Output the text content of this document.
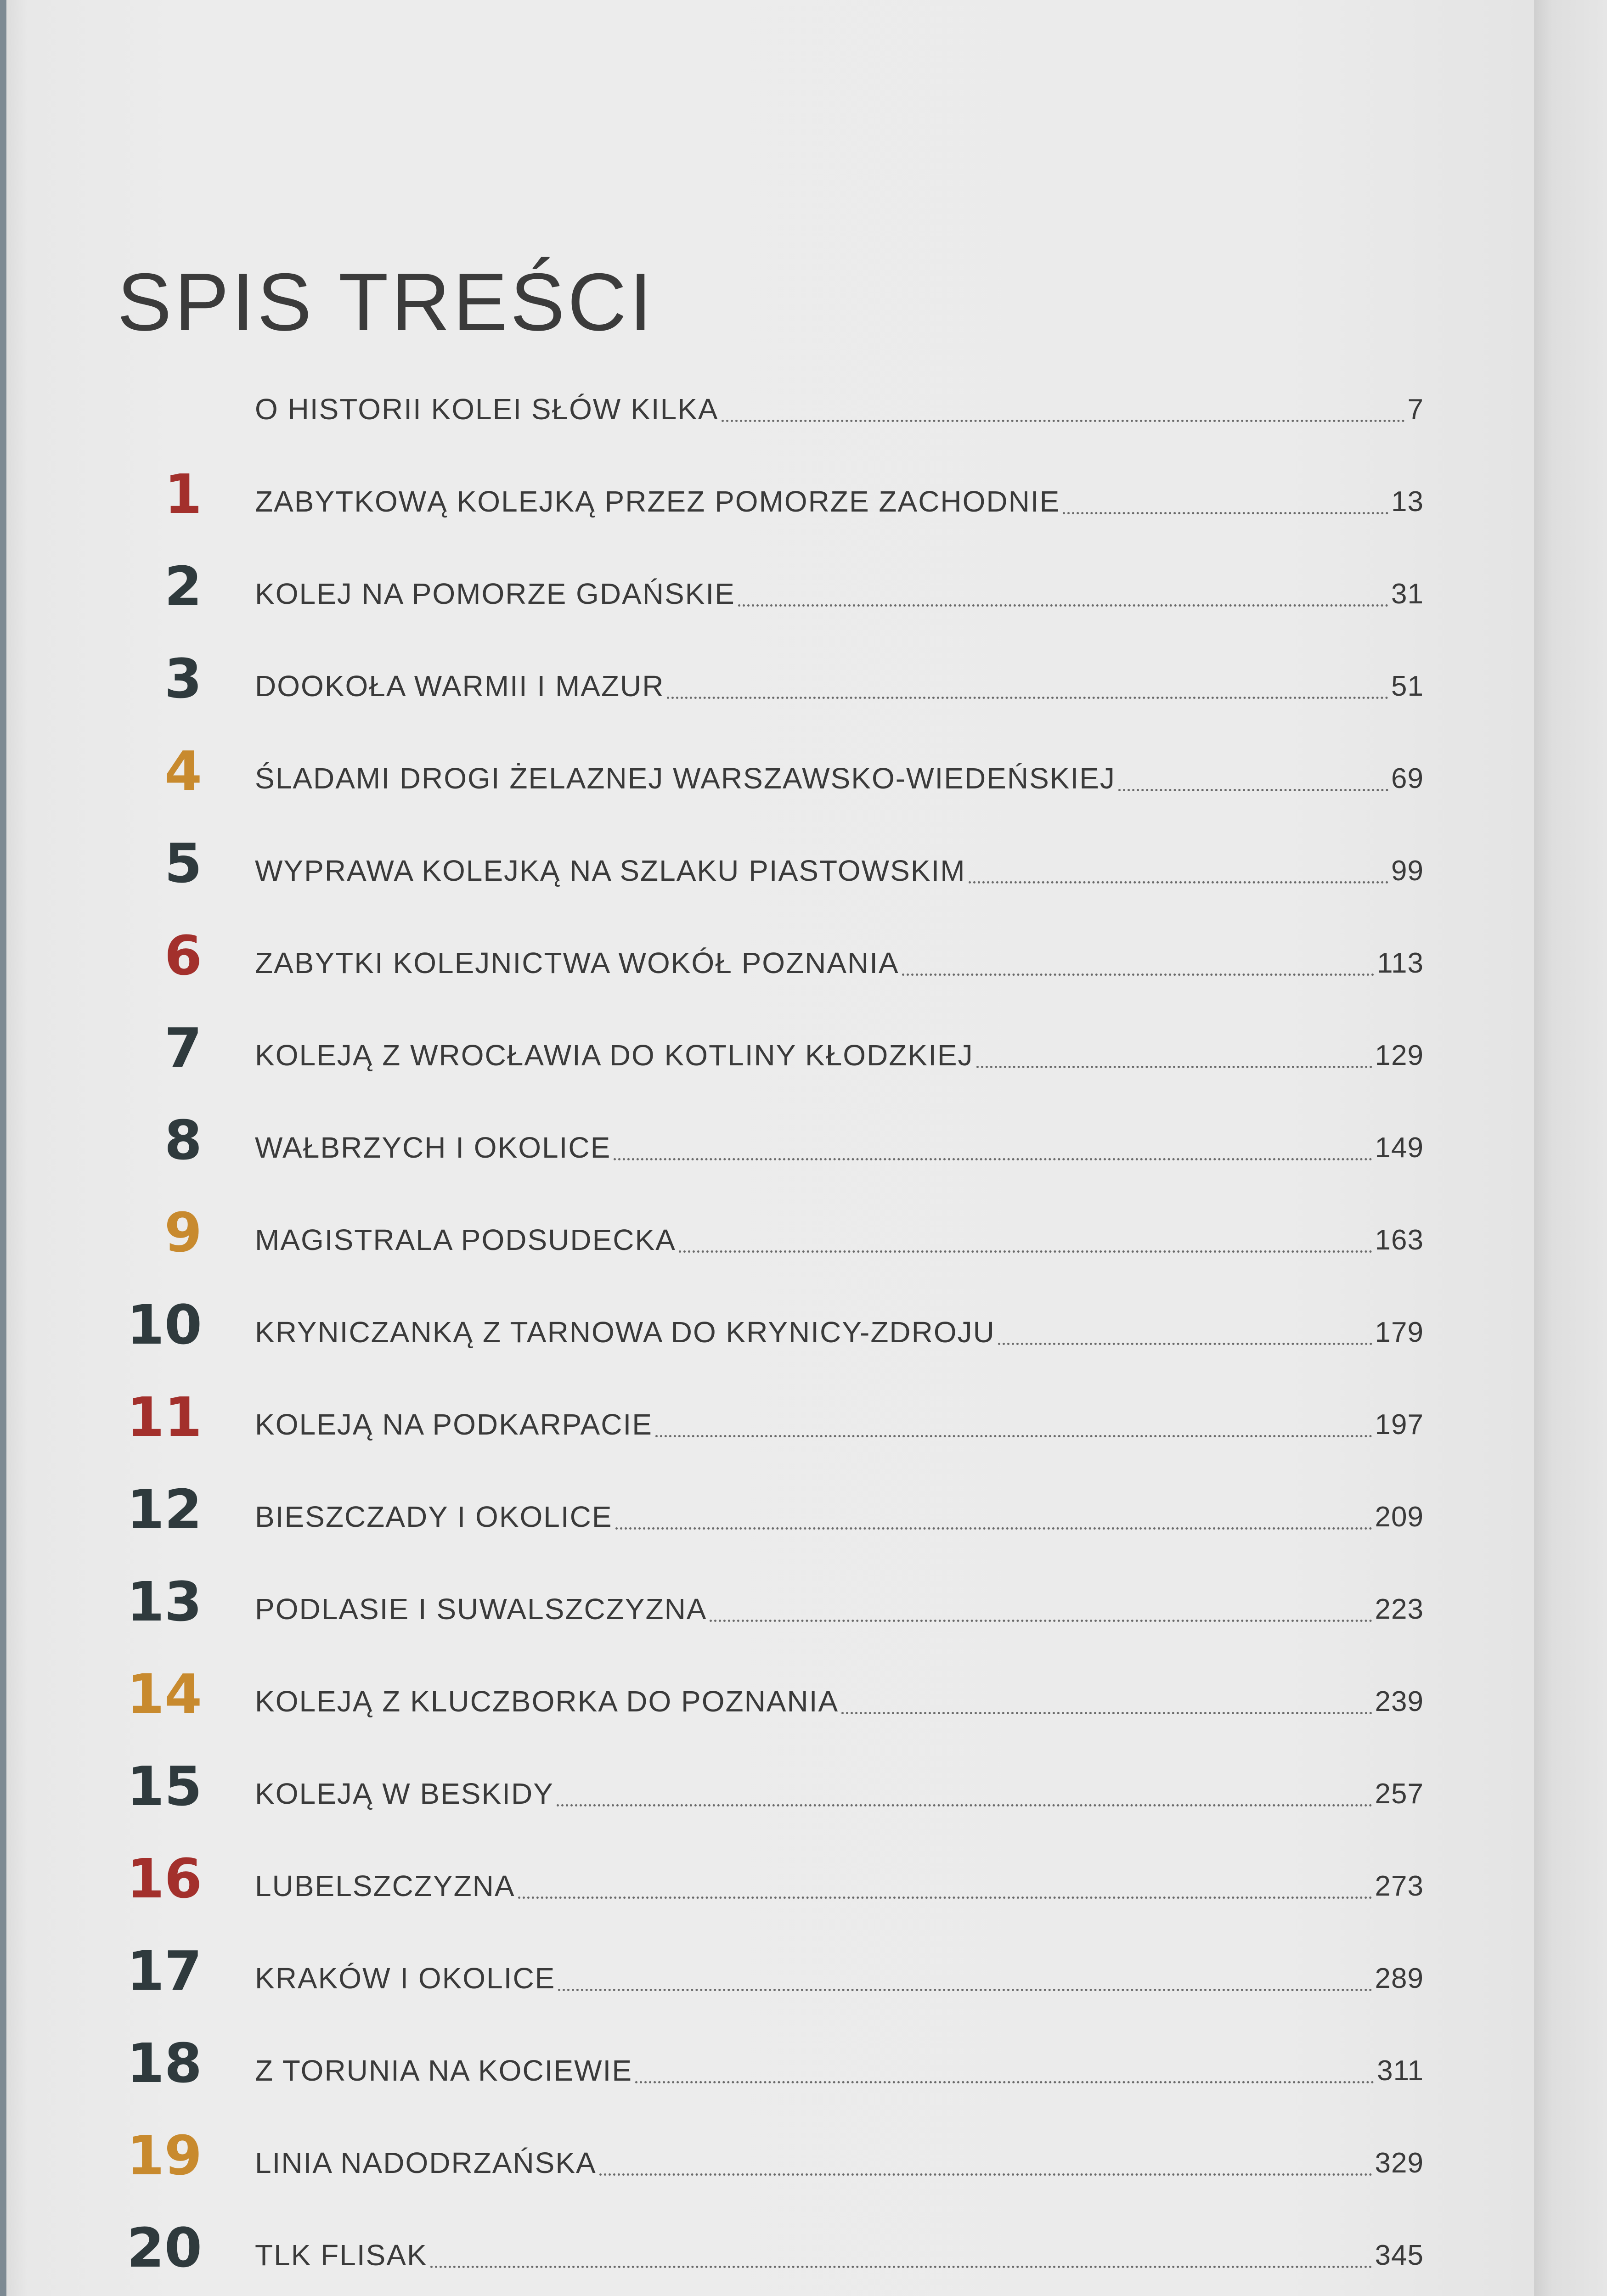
SPIS TREŚCI
O HISTORII KOLEI SŁÓW KILKA	7
1	ZABYTKOWĄ KOLEJKĄ PRZEZ POMORZE ZACHODNIE	13
2	KOLEJ NA POMORZE GDAŃSKIE	31
3	DOOKOŁA WARMII I MAZUR	51
4	ŚLADAMI DROGI ŻELAZNEJ WARSZAWSKO-WIEDEŃSKIEJ	69
5	WYPRAWA KOLEJKĄ NA SZLAKU PIASTOWSKIM	99
6	ZABYTKI KOLEJNICTWA WOKÓŁ POZNANIA	113
7	KOLEJĄ Z WROCŁAWIA DO KOTLINY KŁODZKIEJ	129
8	WAŁBRZYCH I OKOLICE	149
9	MAGISTRALA PODSUDECKA	163
10	KRYNICZANKĄ Z TARNOWA DO KRYNICY-ZDROJU	179
11	KOLEJĄ NA PODKARPACIE	197
12	BIESZCZADY I OKOLICE	209
13	PODLASIE I SUWALSZCZYZNA	223
14	KOLEJĄ Z KLUCZBORKA DO POZNANIA	239
15	KOLEJĄ W BESKIDY	257
16	LUBELSZCZYZNA	273
17	KRAKÓW I OKOLICE	289
18	Z TORUNIA NA KOCIEWIE	311
19	LINIA NADODRZAŃSKA	329
20	TLK FLISAK	345
